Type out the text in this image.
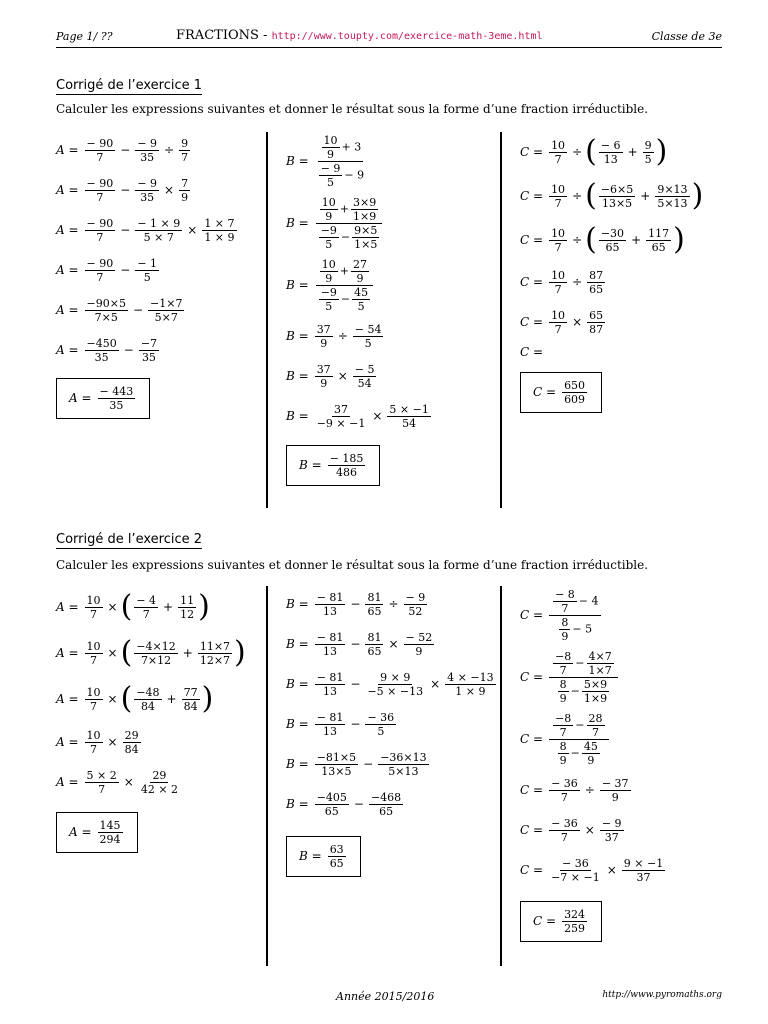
Page 1/ ??	FRACTIONS - http://www.toupty.com/exercice-math-3eme.html	Classe de 3e
Corrigé de l’exercice 1
Calculer les expressions suivantes et donner le résultat sous la forme d’une fraction irréductible.
$A = \frac{- 90}{7} - \frac{- 9}{35} \div \frac{9}{7}$
$A = \frac{- 90}{7} - \frac{- 9}{35} \times \frac{7}{9}$
$A = \frac{- 90}{7} - \frac{- 1 \times 9}{5 \times 7} \times \frac{1 \times 7}{1 \times 9}$
$A = \frac{- 90}{7} - \frac{- 1}{5}$
$A = \frac{-90\times 5}{7\times 5} - \frac{-1\times 7}{5\times 7}$
$A = \frac{-450}{35} - \frac{-7}{35}$
$A = \frac{- 443}{35}$
$B = \frac{\frac{10}{9} + 3}{\frac{- 9}{5} - 9}$
$B = \frac{\frac{10}{9} + \frac{3\times 9}{1\times 9}}{\frac{-9}{5} - \frac{9\times 5}{1\times 5}}$
$B = \frac{\frac{10}{9} + \frac{27}{9}}{\frac{-9}{5} - \frac{45}{5}}$
$B = \frac{37}{9} \div \frac{- 54}{5}$
$B = \frac{37}{9} \times \frac{- 5}{54}$
$B = \frac{37}{-9 \times -1} \times \frac{5 \times -1}{54}$
$B = \frac{- 185}{486}$
$C = \frac{10}{7}$ ÷ ( $\frac{- 6}{13} + \frac{9}{5}$ )
$C = \frac{10}{7}$ ÷ ( $\frac{-6\times 5}{13\times 5} + \frac{9\times 13}{5\times 13}$ )
$C = \frac{10}{7}$ ÷ ( $\frac{-30}{65} + \frac{117}{65}$ )
$C = \frac{10}{7} \div \frac{87}{65}$
$C = \frac{10}{7} \times \frac{65}{87}$
C =
$C = \frac{650}{609}$
Corrigé de l’exercice 2
Calculer les expressions suivantes et donner le résultat sous la forme d’une fraction irréductible.
$A = \frac{10}{7}$ × ( $\frac{- 4}{7} + \frac{11}{12}$ )
$A = \frac{10}{7}$ × ( $\frac{-4\times 12}{7\times 12} + \frac{11\times 7}{12\times 7}$ )
$A = \frac{10}{7}$ × ( $\frac{-48}{84} + \frac{77}{84}$ )
$A = \frac{10}{7} \times \frac{29}{84}$
$A = \frac{5 \times 2}{7} \times \frac{29}{42 \times 2}$
$A = \frac{145}{294}$
$B = \frac{- 81}{13} - \frac{81}{65} \div \frac{- 9}{52}$
$B = \frac{- 81}{13} - \frac{81}{65} \times \frac{- 52}{9}$
$B = \frac{- 81}{13} - \frac{9 \times 9}{-5 \times -13} \times \frac{4 \times -13}{1 \times 9}$
$B = \frac{- 81}{13} - \frac{- 36}{5}$
$B = \frac{-81\times 5}{13\times 5} - \frac{-36\times 13}{5\times 13}$
$B = \frac{-405}{65} - \frac{-468}{65}$
$B = \frac{63}{65}$
$C = \frac{\frac{- 8}{7} - 4}{\frac{8}{9} - 5}$
$C = \frac{\frac{-8}{7} - \frac{4\times 7}{1\times 7}}{\frac{8}{9} - \frac{5\times 9}{1\times 9}}$
$C = \frac{\frac{-8}{7} - \frac{28}{7}}{\frac{8}{9} - \frac{45}{9}}$
$C = \frac{- 36}{7} \div \frac{- 37}{9}$
$C = \frac{- 36}{7} \times \frac{- 9}{37}$
$C = \frac{- 36}{-7 \times -1} \times \frac{9 \times -1}{37}$
$C = \frac{324}{259}$
Année 2015/2016	http://www.pyromaths.org
